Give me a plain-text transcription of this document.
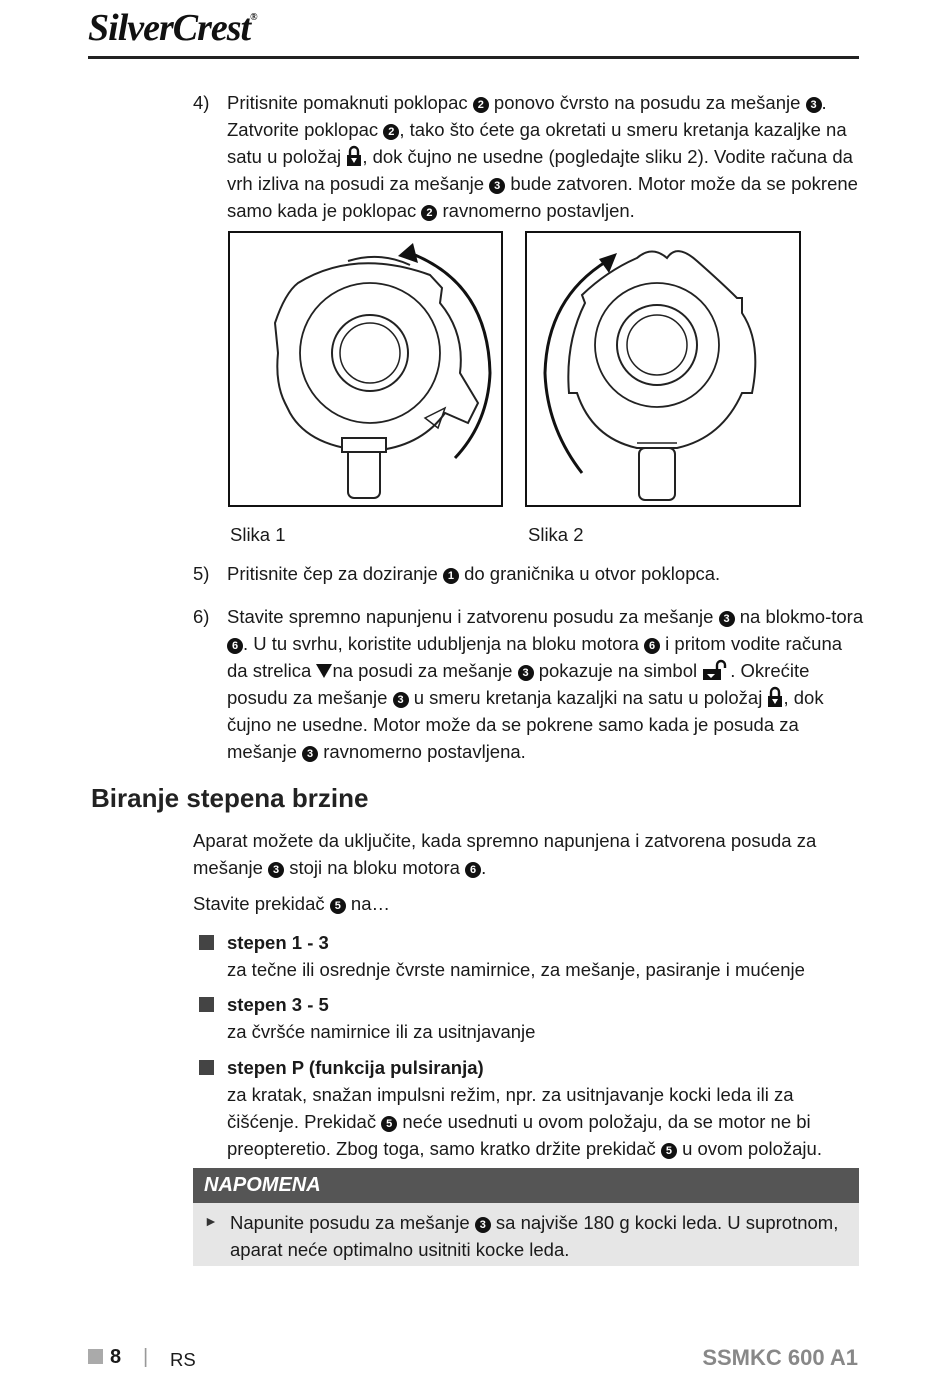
SilverCrest®
4) Pritisnite pomaknuti poklopac 2 ponovo čvrsto na posudu za mešanje 3 . Zatvorite poklopac 2 , tako što ćete ga okretati u smeru kretanja kazaljke na satu u položaj , dok čujno ne usedne (pogledajte sliku 2). Vodite računa da vrh izliva na posudi za mešanje 3 bude zatvoren. Motor može da se pokrene samo kada je poklopac 2 ravnomerno postavljen.
Slika 1	Slika 2
5) Pritisnite čep za doziranje 1 do graničnika u otvor poklopca.
6) Stavite spremno napunjenu i zatvorenu posudu za mešanje 3 na blokmo-tora 6 . U tu svrhu, koristite udubljenja na bloku motora 6 i pritom vodite računa da strelica na posudi za mešanje 3 pokazuje na simbol . Okrećite posudu za mešanje 3 u smeru kretanja kazaljki na satu u položaj , dok čujno ne usedne. Motor može da se pokrene samo kada je posuda za mešanje 3 ravnomerno postavljena.
Biranje stepena brzine
Aparat možete da uključite, kada spremno napunjena i zatvorena posuda za mešanje 3 stoji na bloku motora 6 .
Stavite prekidač 5 na…
stepen 1 - 3
za tečne ili osrednje čvrste namirnice, za mešanje, pasiranje i mućenje
stepen 3 - 5
za čvršće namirnice ili za usitnjavanje
stepen P (funkcija pulsiranja)
za kratak, snažan impulsni režim, npr. za usitnjavanje kocki leda ili za čišćenje. Prekidač 5 neće usednuti u ovom položaju, da se motor ne bi preopteretio. Zbog toga, samo kratko držite prekidač 5 u ovom položaju.
NAPOMENA
► Napunite posudu za mešanje 3 sa najviše 180 g kocki leda. U suprotnom, aparat neće optimalno usitniti kocke leda.
8 | RS	SSMKC 600 A1
